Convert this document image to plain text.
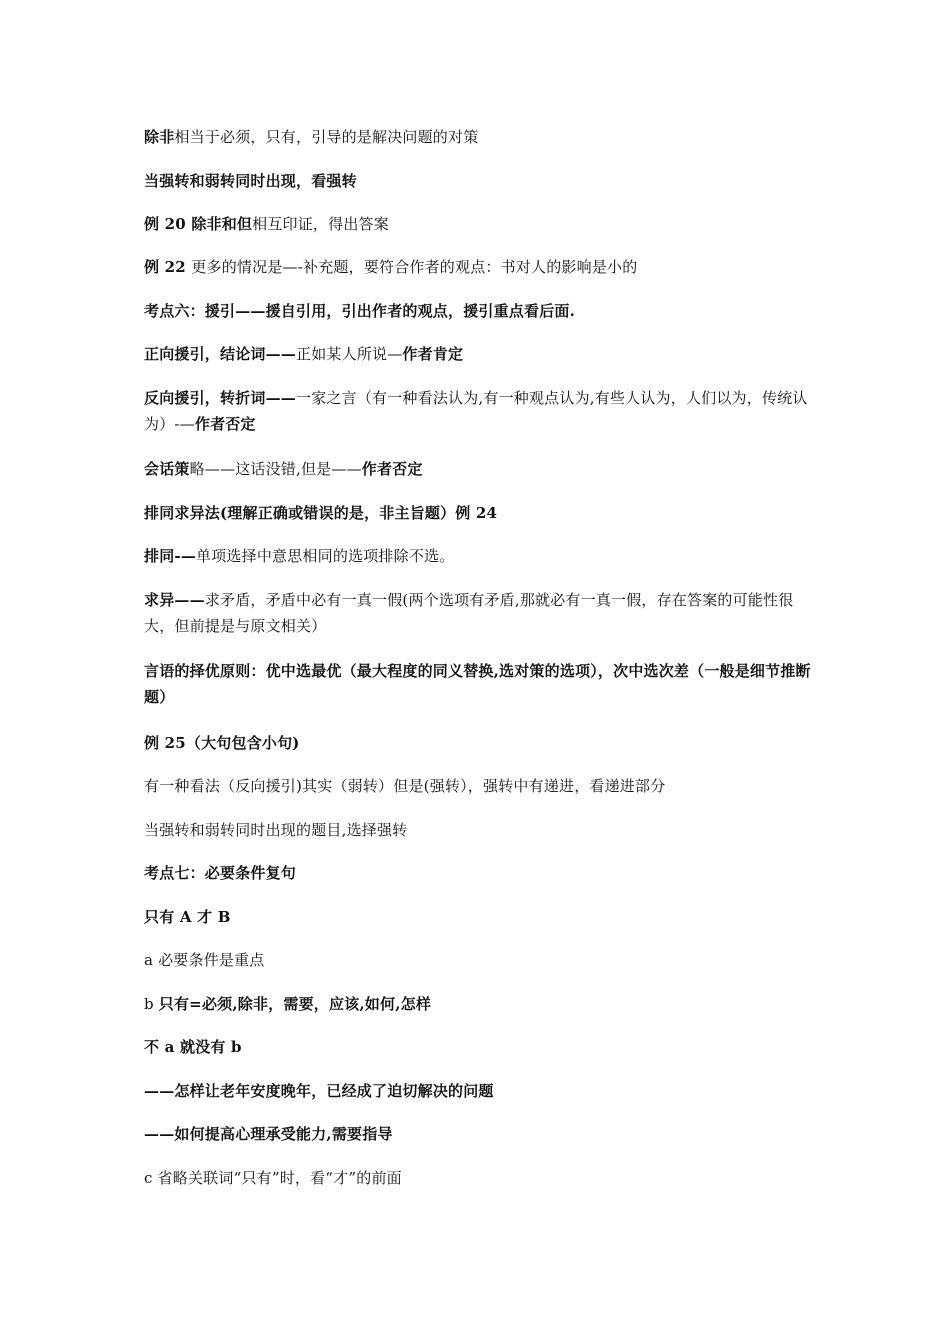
除非相当于必须，只有，引导的是解决问题的对策
当强转和弱转同时出现，看强转
例 20 除非和但相互印证，得出答案
例 22 更多的情况是—-补充题，要符合作者的观点：书对人的影响是小的
考点六：援引——援自引用，引出作者的观点，援引重点看后面.
正向援引，结论词——正如某人所说—作者肯定
反向援引，转折词——一家之言（有一种看法认为,有一种观点认为,有些人认为，人们以为，传统认为）-—作者否定
会话策略——这话没错,但是——作者否定
排同求异法(理解正确或错误的是，非主旨题）例 24
排同-—单项选择中意思相同的选项排除不选。
求异——求矛盾，矛盾中必有一真一假(两个选项有矛盾,那就必有一真一假，存在答案的可能性很大，但前提是与原文相关）
言语的择优原则：优中选最优（最大程度的同义替换,选对策的选项），次中选次差（一般是细节推断题）
例 25（大句包含小句)
有一种看法（反向援引)其实（弱转）但是(强转），强转中有递进，看递进部分
当强转和弱转同时出现的题目,选择强转
考点七：必要条件复句
只有 A 才 B
a 必要条件是重点
b 只有=必须,除非，需要，应该,如何,怎样
不 a 就没有 b
——怎样让老年安度晚年，已经成了迫切解决的问题
——如何提高心理承受能力,需要指导
c 省略关联词“只有”时，看“才”的前面
